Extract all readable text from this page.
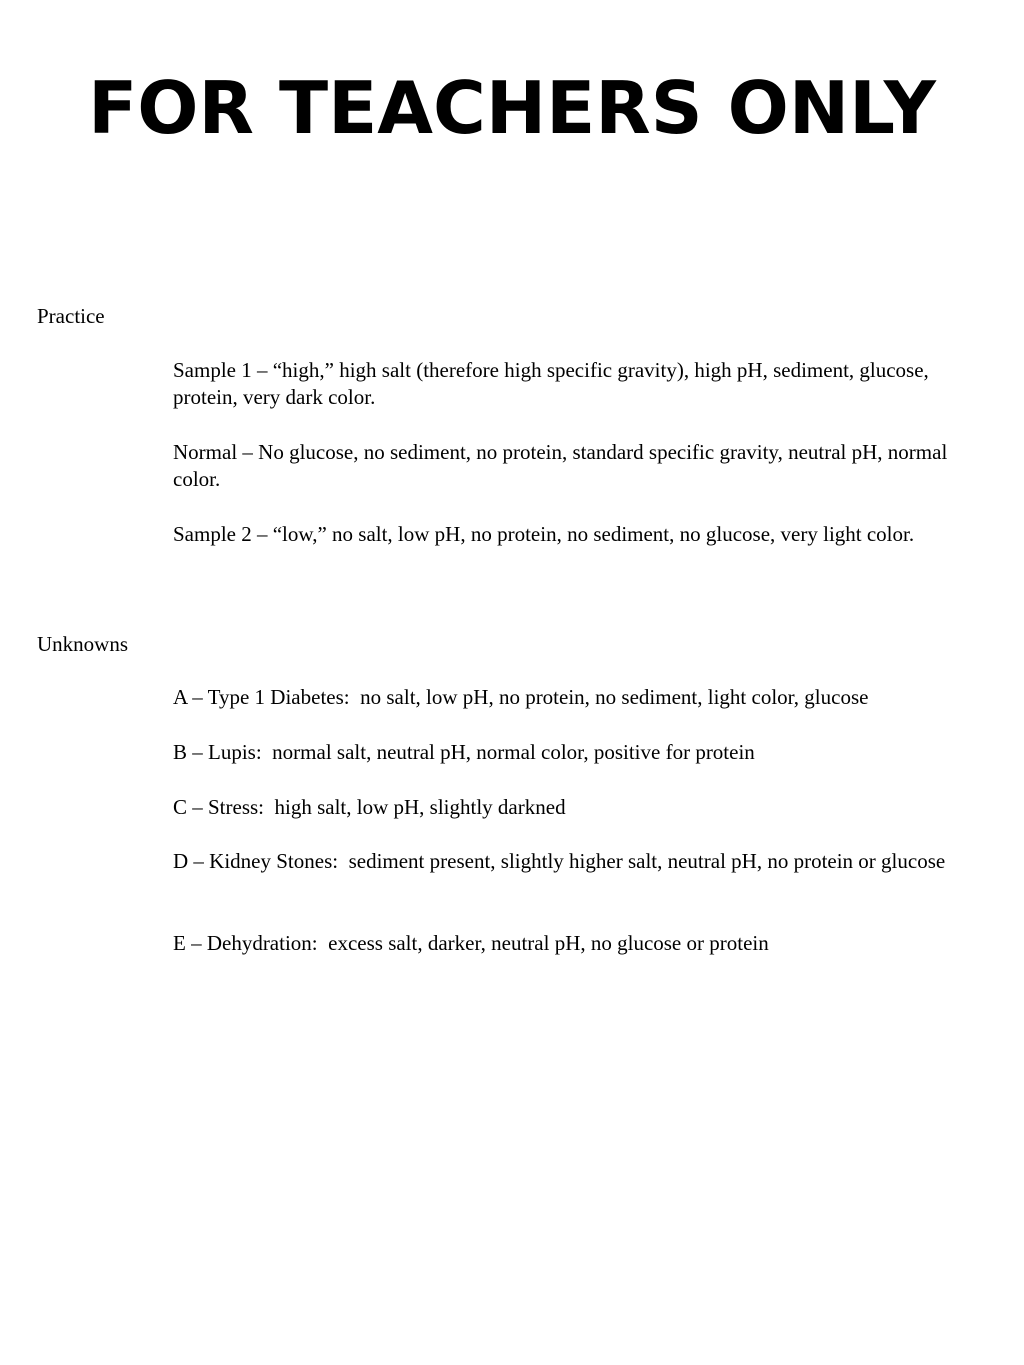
FOR TEACHERS ONLY

Practice

Sample 1 – “high,” high salt (therefore high specific gravity), high pH, sediment, glucose, protein, very dark color.

Normal – No glucose, no sediment, no protein, standard specific gravity, neutral pH, normal color.

Sample 2 – “low,” no salt, low pH, no protein, no sediment, no glucose, very light color.

Unknowns

A – Type 1 Diabetes:  no salt, low pH, no protein, no sediment, light color, glucose

B – Lupis:  normal salt, neutral pH, normal color, positive for protein

C – Stress:  high salt, low pH, slightly darkned

D – Kidney Stones:  sediment present, slightly higher salt, neutral pH, no protein or glucose

E – Dehydration:  excess salt, darker, neutral pH, no glucose or protein
